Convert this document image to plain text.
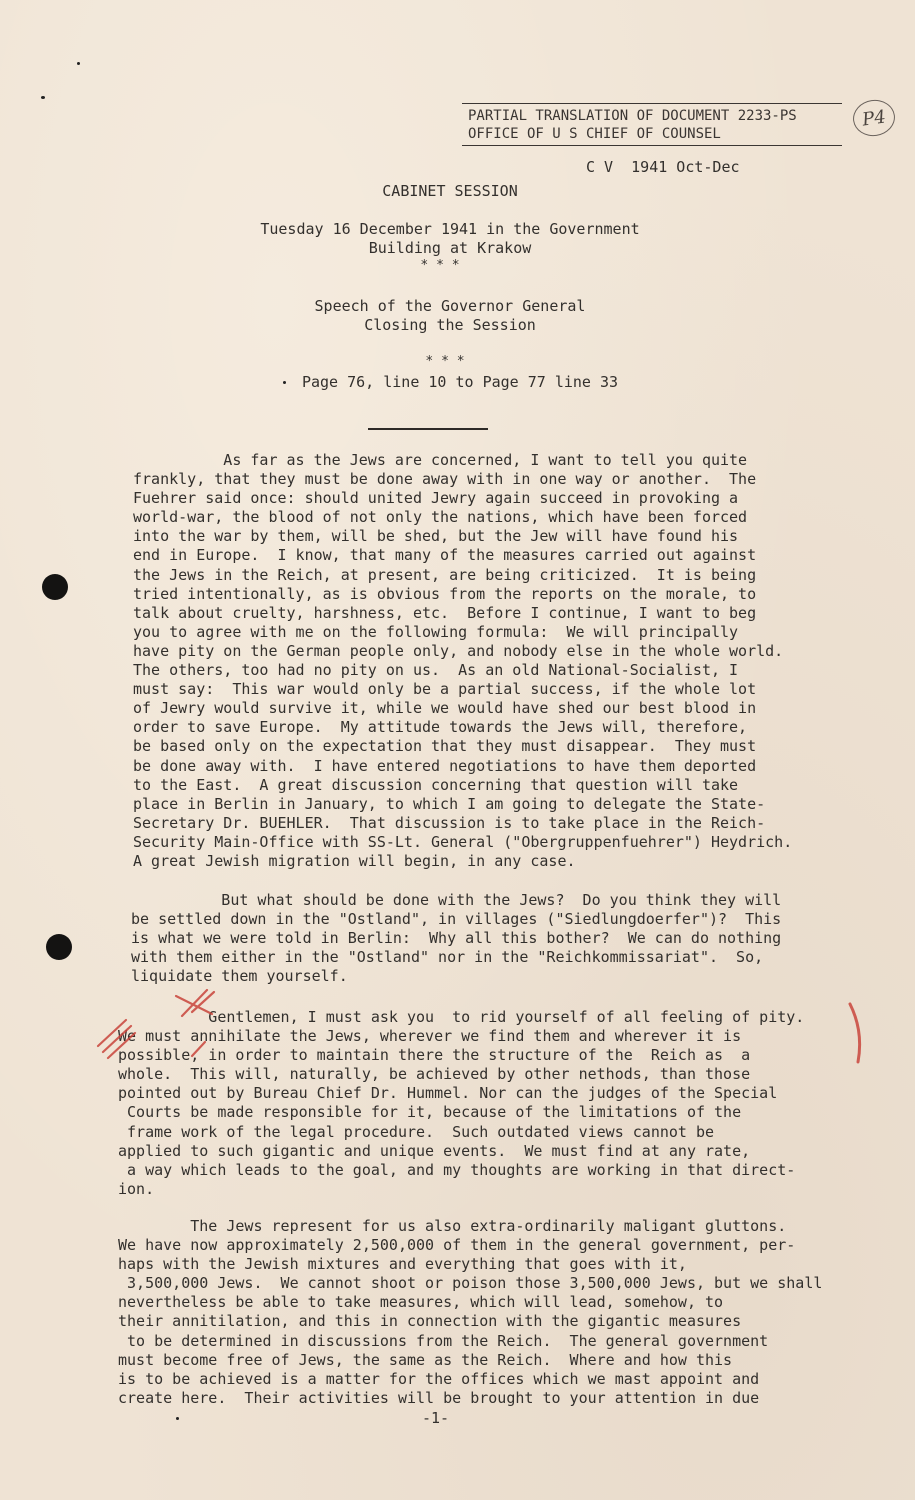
PARTIAL TRANSLATION OF DOCUMENT 2233-PS
OFFICE OF U S CHIEF OF COUNSEL
P4
C V  1941 Oct-Dec
CABINET SESSION
Tuesday 16 December 1941 in the Government
Building at Krakow
* * *
Speech of the Governor General
Closing the Session
* * *
Page 76, line 10 to Page 77 line 33
As far as the Jews are concerned, I want to tell you quite
frankly, that they must be done away with in one way or another.  The
Fuehrer said once: should united Jewry again succeed in provoking a
world-war, the blood of not only the nations, which have been forced
into the war by them, will be shed, but the Jew will have found his
end in Europe.  I know, that many of the measures carried out against
the Jews in the Reich, at present, are being criticized.  It is being
tried intentionally, as is obvious from the reports on the morale, to
talk about cruelty, harshness, etc.  Before I continue, I want to beg
you to agree with me on the following formula:  We will principally
have pity on the German people only, and nobody else in the whole world.
The others, too had no pity on us.  As an old National-Socialist, I
must say:  This war would only be a partial success, if the whole lot
of Jewry would survive it, while we would have shed our best blood in
order to save Europe.  My attitude towards the Jews will, therefore,
be based only on the expectation that they must disappear.  They must
be done away with.  I have entered negotiations to have them deported
to the East.  A great discussion concerning that question will take
place in Berlin in January, to which I am going to delegate the State-
Secretary Dr. BUEHLER.  That discussion is to take place in the Reich-
Security Main-Office with SS-Lt. General ("Obergruppenfuehrer") Heydrich.
A great Jewish migration will begin, in any case.
But what should be done with the Jews?  Do you think they will
be settled down in the "Ostland", in villages ("Siedlungdoerfer")?  This
is what we were told in Berlin:  Why all this bother?  We can do nothing
with them either in the "Ostland" nor in the "Reichkommissariat".  So,
liquidate them yourself.
Gentlemen, I must ask you  to rid yourself of all feeling of pity.
We must annihilate the Jews, wherever we find them and wherever it is
possible, in order to maintain there the structure of the  Reich as  a
whole.  This will, naturally, be achieved by other nethods, than those
pointed out by Bureau Chief Dr. Hummel. Nor can the judges of the Special
Courts be made responsible for it, because of the limitations of the
frame work of the legal procedure.  Such outdated views cannot be
applied to such gigantic and unique events.  We must find at any rate,
a way which leads to the goal, and my thoughts are working in that direct-
ion.
The Jews represent for us also extra-ordinarily maligant gluttons.
We have now approximately 2,500,000 of them in the general government, per-
haps with the Jewish mixtures and everything that goes with it,
3,500,000 Jews.  We cannot shoot or poison those 3,500,000 Jews, but we shall
nevertheless be able to take measures, which will lead, somehow, to
their annitilation, and this in connection with the gigantic measures
to be determined in discussions from the Reich.  The general government
must become free of Jews, the same as the Reich.  Where and how this
is to be achieved is a matter for the offices which we mast appoint and
create here.  Their activities will be brought to your attention in due
-1-
